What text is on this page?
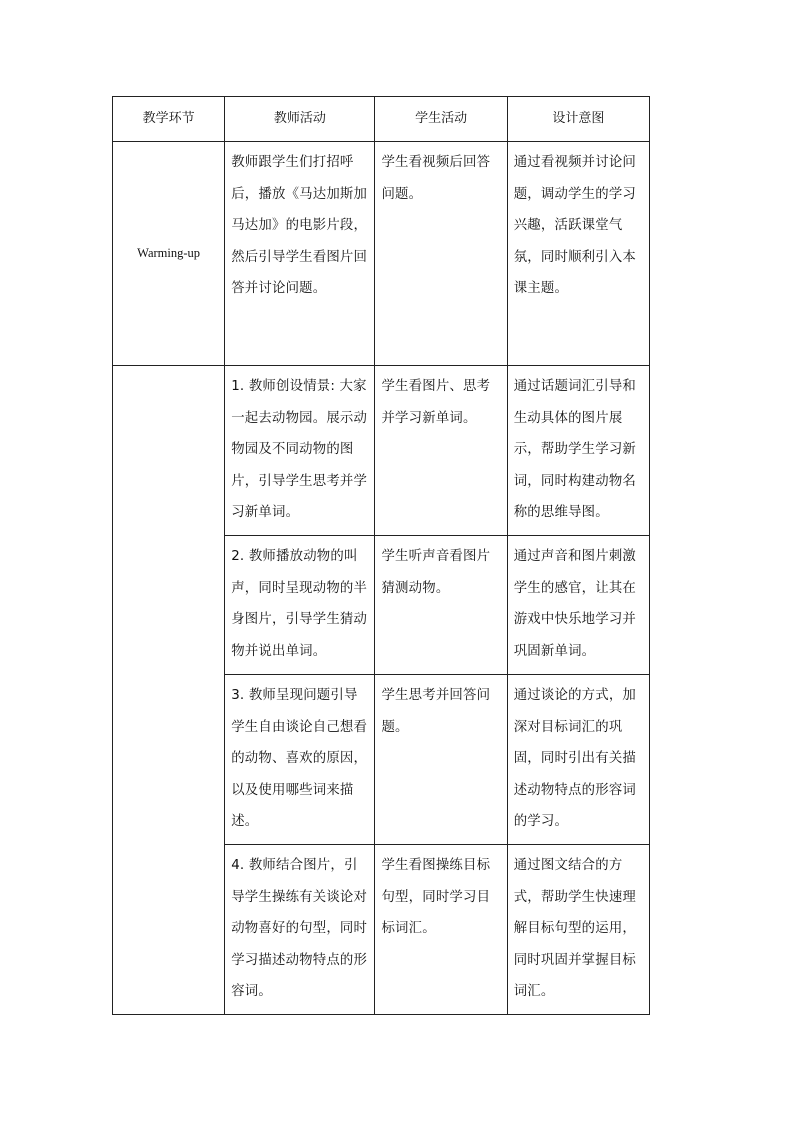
教学环节	教师活动	学生活动	设计意图
Warming-up	教师跟学生们打招呼后，播放《马达加斯加马达加》的电影片段，然后引导学生看图片回答并讨论问题。	学生看视频后回答问题。	通过看视频并讨论问题，调动学生的学习兴趣，活跃课堂气氛，同时顺利引入本课主题。
	1. 教师创设情景: 大家一起去动物园。展示动物园及不同动物的图片，引导学生思考并学习新单词。	学生看图片、思考并学习新单词。	通过话题词汇引导和生动具体的图片展示，帮助学生学习新词，同时构建动物名称的思维导图。
	2. 教师播放动物的叫声，同时呈现动物的半身图片，引导学生猜动物并说出单词。	学生听声音看图片猜测动物。	通过声音和图片刺激学生的感官，让其在游戏中快乐地学习并巩固新单词。
	3. 教师呈现问题引导学生自由谈论自己想看的动物、喜欢的原因，以及使用哪些词来描述。	学生思考并回答问题。	通过谈论的方式，加深对目标词汇的巩固，同时引出有关描述动物特点的形容词的学习。
	4. 教师结合图片，引导学生操练有关谈论对动物喜好的句型，同时学习描述动物特点的形容词。	学生看图操练目标句型，同时学习目标词汇。	通过图文结合的方式，帮助学生快速理解目标句型的运用，同时巩固并掌握目标词汇。
